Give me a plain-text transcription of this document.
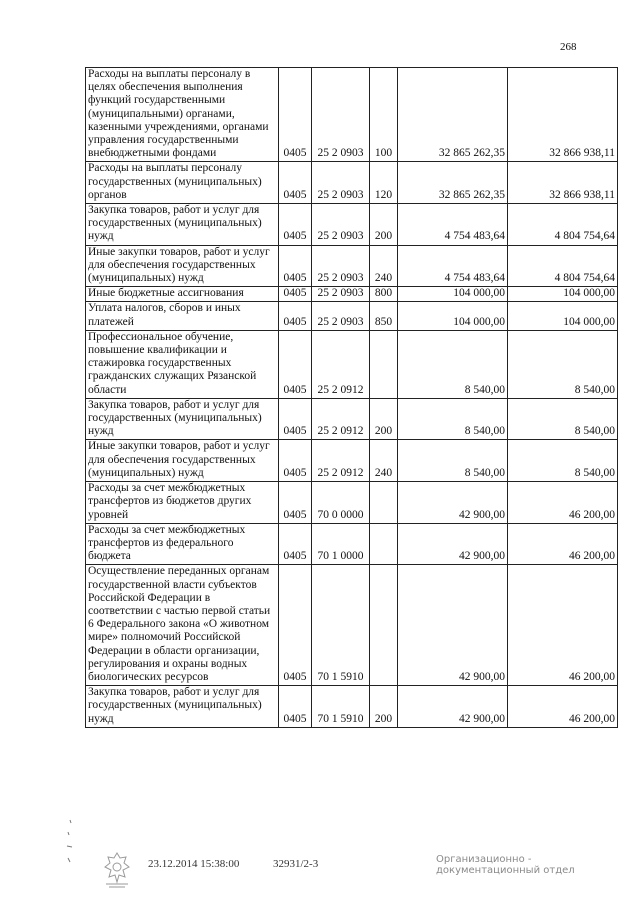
268
Расходы на выплаты персоналу в целях обеспечения выполнения функций государственными (муниципальными) органами, казенными учреждениями, органами управления государственными внебюджетными фондами	0405	25 2 0903	100	32 865 262,35	32 866 938,11
Расходы на выплаты персоналу государственных (муниципальных) органов	0405	25 2 0903	120	32 865 262,35	32 866 938,11
Закупка товаров, работ и услуг для государственных (муниципальных) нужд	0405	25 2 0903	200	4 754 483,64	4 804 754,64
Иные закупки товаров, работ и услуг для обеспечения государственных (муниципальных) нужд	0405	25 2 0903	240	4 754 483,64	4 804 754,64
Иные бюджетные ассигнования	0405	25 2 0903	800	104 000,00	104 000,00
Уплата налогов, сборов и иных платежей	0405	25 2 0903	850	104 000,00	104 000,00
Профессиональное обучение, повышение квалификации и стажировка государственных гражданских служащих Рязанской области	0405	25 2 0912		8 540,00	8 540,00
Закупка товаров, работ и услуг для государственных (муниципальных) нужд	0405	25 2 0912	200	8 540,00	8 540,00
Иные закупки товаров, работ и услуг для обеспечения государственных (муниципальных) нужд	0405	25 2 0912	240	8 540,00	8 540,00
Расходы за счет межбюджетных трансфертов из бюджетов других уровней	0405	70 0 0000		42 900,00	46 200,00
Расходы за счет межбюджетных трансфертов из федерального бюджета	0405	70 1 0000		42 900,00	46 200,00
Осуществление переданных органам государственной власти субъектов Российской Федерации в соответствии с частью первой статьи 6 Федерального закона «О животном мире» полномочий Российской Федерации в области организации, регулирования и охраны водных биологических ресурсов	0405	70 1 5910		42 900,00	46 200,00
Закупка товаров, работ и услуг для государственных (муниципальных) нужд	0405	70 1 5910	200	42 900,00	46 200,00
23.12.2014 15:38:00	32931/2-3	Организационно -
документационный отдел
